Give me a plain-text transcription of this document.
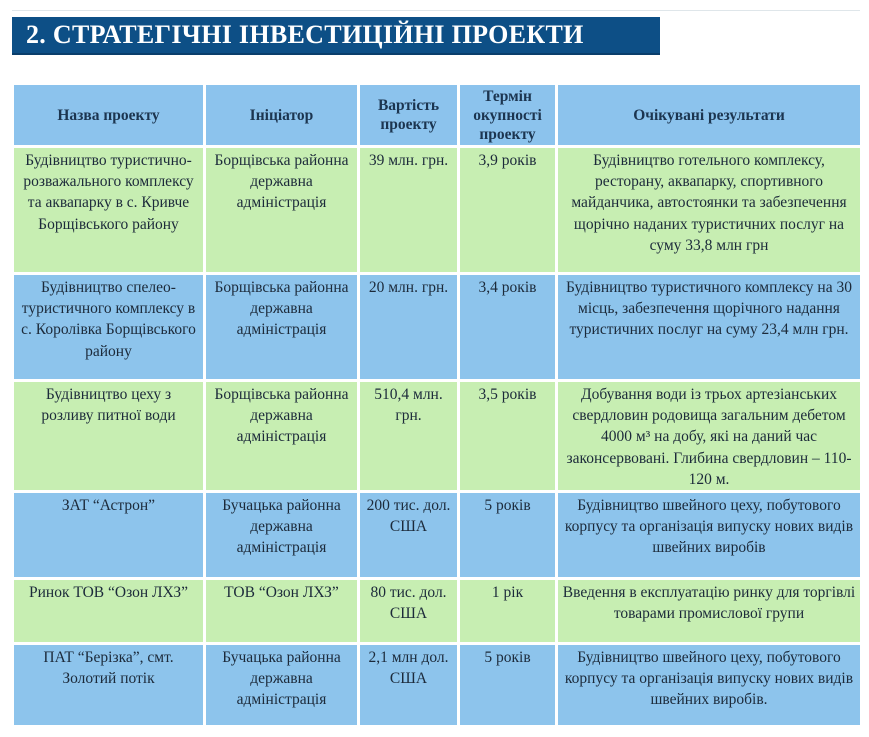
2. СТРАТЕГІЧНІ ІНВЕСТИЦІЙНІ ПРОЕКТИ
Назва проекту	Ініціатор	Вартість проекту	Термін окупності проекту	Очікувані результати
Будівництво туристично-розважального комплексу та аквапарку в с. Кривче Борщівського району	Борщівська районна державна адміністрація	39 млн. грн.	3,9 років	Будівництво готельного комплексу, ресторану, аквапарку, спортивного майданчика, автостоянки та забезпечення щорічно наданих туристичних послуг на суму 33,8 млн грн
Будівництво спелео-туристичного комплексу в с. Королівка Борщівського району	Борщівська районна державна адміністрація	20 млн. грн.	3,4 років	Будівництво туристичного комплексу на 30 місць, забезпечення щорічного надання туристичних послуг на суму 23,4 млн грн.
Будівництво цеху з розливу питної води	Борщівська районна державна адміністрація	510,4 млн. грн.	3,5 років	Добування води із трьох артезіанських свердловин родовища загальним дебетом 4000 м³ на добу, які на даний час законсервовані. Глибина свердловин – 110-120 м.
ЗАТ “Астрон”	Бучацька районна державна адміністрація	200 тис. дол. США	5 років	Будівництво швейного цеху, побутового корпусу та організація випуску нових видів швейних виробів
Ринок ТОВ “Озон ЛХЗ”	ТОВ “Озон ЛХЗ”	80 тис. дол. США	1 рік	Введення в експлуатацію ринку для торгівлі товарами промислової групи
ПАТ “Берізка”, смт. Золотий потік	Бучацька районна державна адміністрація	2,1 млн дол. США	5 років	Будівництво швейного цеху, побутового корпусу та організація випуску нових видів швейних виробів.
